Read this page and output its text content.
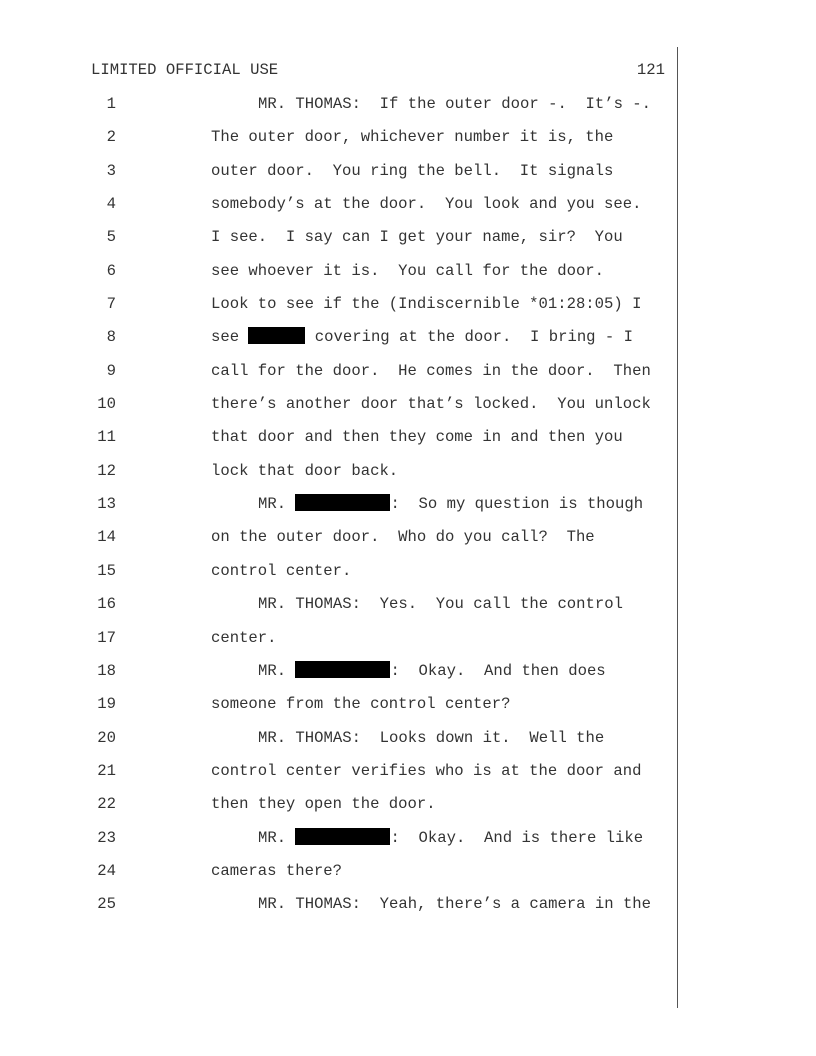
LIMITED OFFICIAL USE	121
1	MR. THOMAS:  If the outer door -.  It’s -.
2	The outer door, whichever number it is, the
3	outer door.  You ring the bell.  It signals
4	somebody’s at the door.  You look and you see.
5	I see.  I say can I get your name, sir?  You
6	see whoever it is.  You call for the door.
7	Look to see if the (Indiscernible *01:28:05) I
8	see	covering at the door.  I bring - I
9	call for the door.  He comes in the door.  Then
10	there’s another door that’s locked.  You unlock
11	that door and then they come in and then you
12	lock that door back.
13	MR.	:  So my question is though
14	on the outer door.  Who do you call?  The
15	control center.
16	MR. THOMAS:  Yes.  You call the control
17	center.
18	MR.	:  Okay.  And then does
19	someone from the control center?
20	MR. THOMAS:  Looks down it.  Well the
21	control center verifies who is at the door and
22	then they open the door.
23	MR.	:  Okay.  And is there like
24	cameras there?
25	MR. THOMAS:  Yeah, there’s a camera in the
